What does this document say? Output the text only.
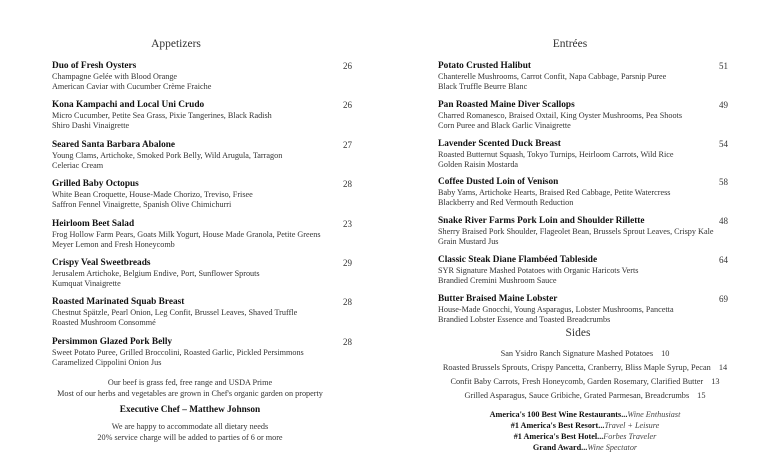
Appetizers
Duo of Fresh Oysters	26
Champagne Gelée with Blood Orange
American Caviar with Cucumber Crème Fraiche
Kona Kampachi and Local Uni Crudo	26
Micro Cucumber, Petite Sea Grass, Pixie Tangerines, Black Radish
Shiro Dashi Vinaigrette
Seared Santa Barbara Abalone	27
Young Clams, Artichoke, Smoked Pork Belly, Wild Arugula, Tarragon
Celeriac Cream
Grilled Baby Octopus	28
White Bean Croquette, House-Made Chorizo, Treviso, Frisee
Saffron Fennel Vinaigrette, Spanish Olive Chimichurri
Heirloom Beet Salad	23
Frog Hollow Farm Pears, Goats Milk Yogurt, House Made Granola, Petite Greens
Meyer Lemon and Fresh Honeycomb
Crispy Veal Sweetbreads	29
Jerusalem Artichoke, Belgium Endive, Port, Sunflower Sprouts
Kumquat Vinaigrette
Roasted Marinated Squab Breast	28
Chestnut Spätzle, Pearl Onion, Leg Confit, Brussel Leaves, Shaved Truffle
Roasted Mushroom Consommé
Persimmon Glazed Pork Belly	28
Sweet Potato Puree, Grilled Broccolini, Roasted Garlic, Pickled Persimmons
Caramelized Cippolini Onion Jus
Our beef is grass fed, free range and USDA Prime
Most of our herbs and vegetables are grown in Chef's organic garden on property
Executive Chef – Matthew Johnson
We are happy to accommodate all dietary needs
20% service charge will be added to parties of 6 or more
Entrées
Potato Crusted Halibut	51
Chanterelle Mushrooms, Carrot Confit, Napa Cabbage, Parsnip Puree
Black Truffle Beurre Blanc
Pan Roasted Maine Diver Scallops	49
Charred Romanesco, Braised Oxtail, King Oyster Mushrooms, Pea Shoots
Corn Puree and Black Garlic Vinaigrette
Lavender Scented Duck Breast	54
Roasted Butternut Squash, Tokyo Turnips, Heirloom Carrots, Wild Rice
Golden Raisin Mostarda
Coffee Dusted Loin of Venison	58
Baby Yams, Artichoke Hearts, Braised Red Cabbage, Petite Watercress
Blackberry and Red Vermouth Reduction
Snake River Farms Pork Loin and Shoulder Rillette	48
Sherry Braised Pork Shoulder, Flageolet Bean, Brussels Sprout Leaves, Crispy Kale
Grain Mustard Jus
Classic Steak Diane Flambéed Tableside	64
SYR Signature Mashed Potatoes with Organic Haricots Verts
Brandied Cremini Mushroom Sauce
Butter Braised Maine Lobster	69
House-Made Gnocchi, Young Asparagus, Lobster Mushrooms, Pancetta
Brandied Lobster Essence and Toasted Breadcrumbs
Sides
San Ysidro Ranch Signature Mashed Potatoes 10
Roasted Brussels Sprouts, Crispy Pancetta, Cranberry, Bliss Maple Syrup, Pecan 14
Confit Baby Carrots, Fresh Honeycomb, Garden Rosemary, Clarified Butter 13
Grilled Asparagus, Sauce Gribiche, Grated Parmesan, Breadcrumbs 15
America's 100 Best Wine Restaurants...Wine Enthusiast
#1 America's Best Resort...Travel + Leisure
#1 America's Best Hotel...Forbes Traveler
Grand Award...Wine Spectator
